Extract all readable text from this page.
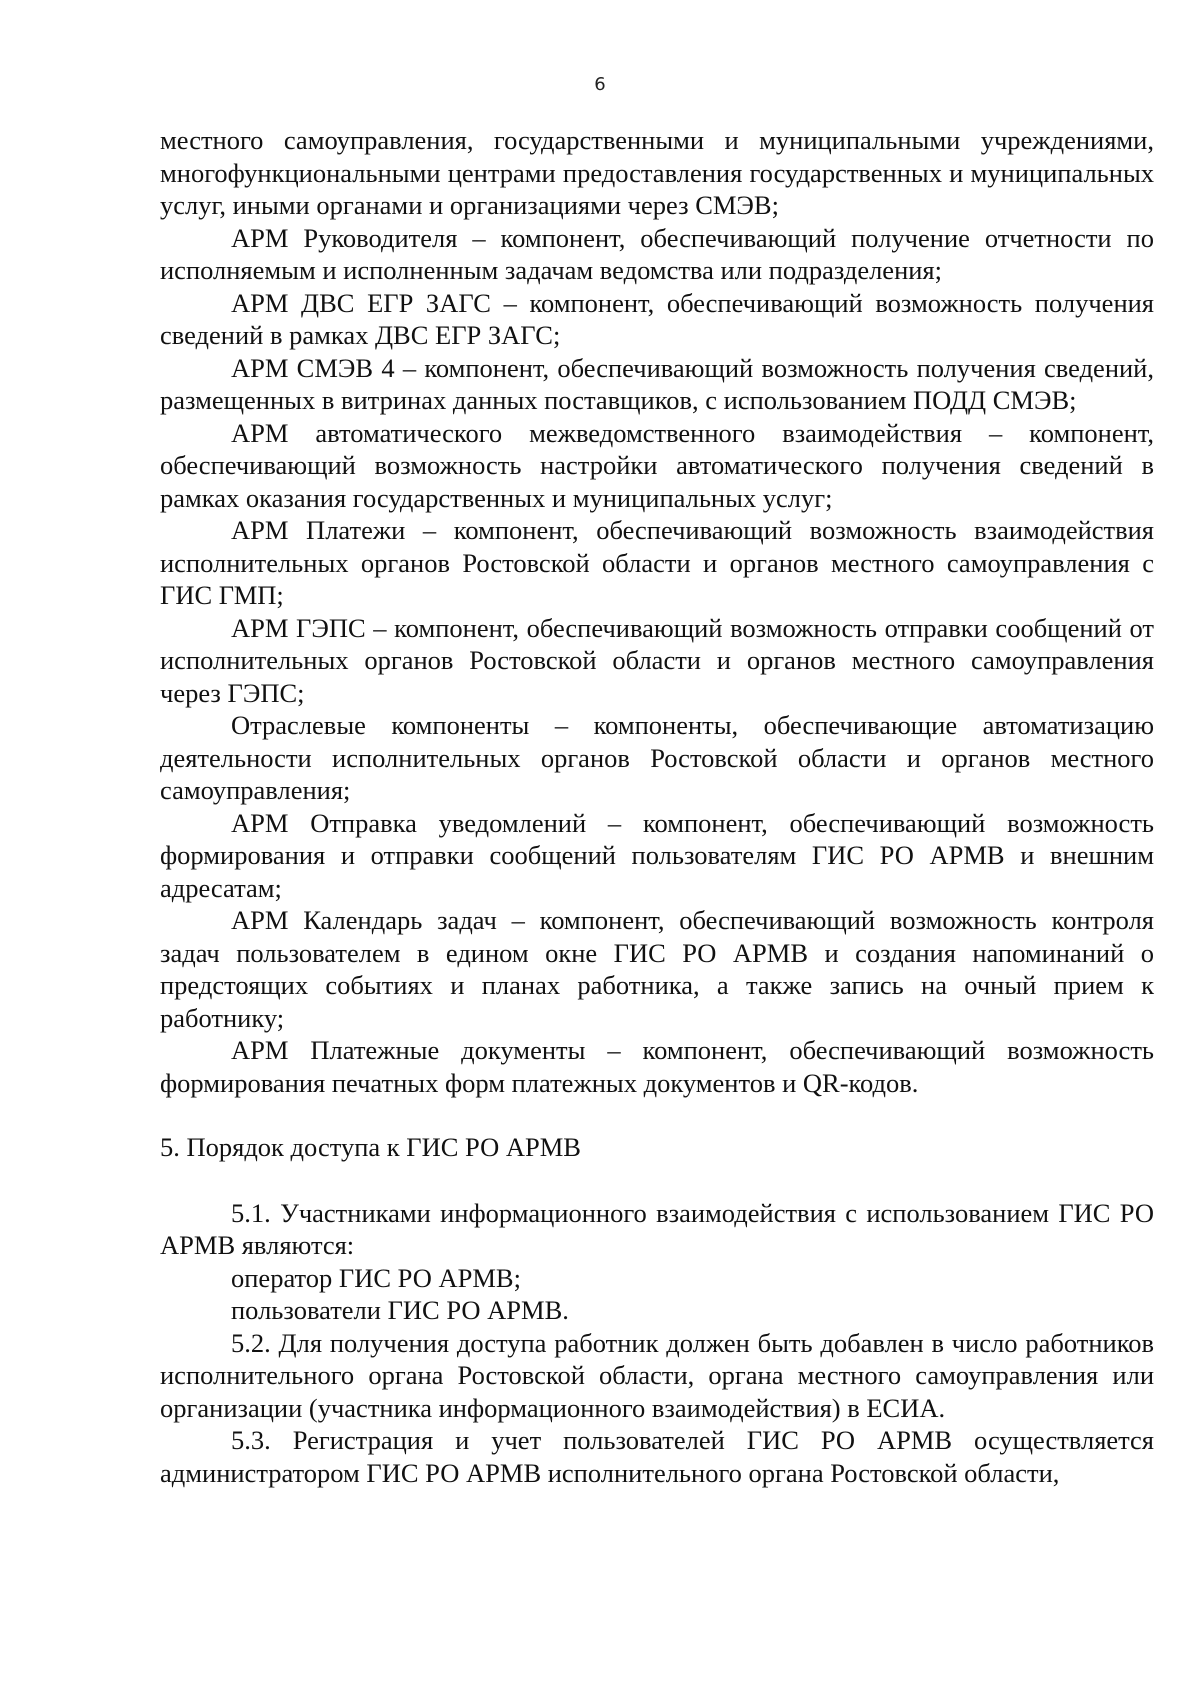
6

местного самоуправления, государственными и муниципальными учреждениями, многофункциональными центрами предоставления государственных и муниципальных услуг, иными органами и организациями через СМЭВ;

АРМ Руководителя – компонент, обеспечивающий получение отчетности по исполняемым и исполненным задачам ведомства или подразделения;

АРМ ДВС ЕГР ЗАГС – компонент, обеспечивающий возможность получения сведений в рамках ДВС ЕГР ЗАГС;

АРМ СМЭВ 4 – компонент, обеспечивающий возможность получения сведений, размещенных в витринах данных поставщиков, с использованием ПОДД СМЭВ;

АРМ автоматического межведомственного взаимодействия – компонент, обеспечивающий возможность настройки автоматического получения сведений в рамках оказания государственных и муниципальных услуг;

АРМ Платежи – компонент, обеспечивающий возможность взаимодействия исполнительных органов Ростовской области и органов местного самоуправления с ГИС ГМП;

АРМ ГЭПС – компонент, обеспечивающий возможность отправки сообщений от исполнительных органов Ростовской области и органов местного самоуправления через ГЭПС;

Отраслевые компоненты – компоненты, обеспечивающие автоматизацию деятельности исполнительных органов Ростовской области и органов местного самоуправления;

АРМ Отправка уведомлений – компонент, обеспечивающий возможность формирования и отправки сообщений пользователям ГИС РО АРМВ и внешним адресатам;

АРМ Календарь задач – компонент, обеспечивающий возможность контроля задач пользователем в едином окне ГИС РО АРМВ и создания напоминаний о предстоящих событиях и планах работника, а также запись на очный прием к работнику;

АРМ Платежные документы – компонент, обеспечивающий возможность формирования печатных форм платежных документов и QR-кодов.

5. Порядок доступа к ГИС РО АРМВ

5.1. Участниками информационного взаимодействия с использованием ГИС РО АРМВ являются:

оператор ГИС РО АРМВ;

пользователи ГИС РО АРМВ.

5.2. Для получения доступа работник должен быть добавлен в число работников исполнительного органа Ростовской области, органа местного самоуправления или организации (участника информационного взаимодействия) в ЕСИА.

5.3. Регистрация и учет пользователей ГИС РО АРМВ осуществляется администратором ГИС РО АРМВ исполнительного органа Ростовской области,
